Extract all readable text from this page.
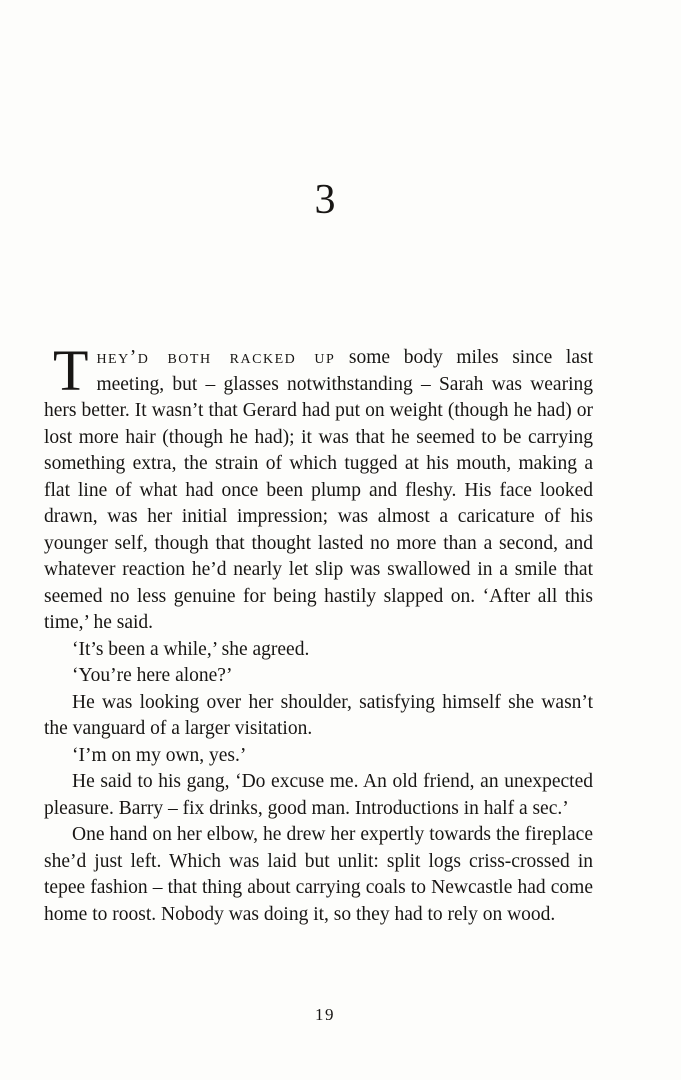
3

They’d both racked up some body miles since last meeting, but – glasses notwithstanding – Sarah was wearing hers better. It wasn’t that Gerard had put on weight (though he had) or lost more hair (though he had); it was that he seemed to be carrying something extra, the strain of which tugged at his mouth, making a flat line of what had once been plump and fleshy. His face looked drawn, was her initial impression; was almost a caricature of his younger self, though that thought lasted no more than a second, and whatever reaction he’d nearly let slip was swallowed in a smile that seemed no less genuine for being hastily slapped on. ‘After all this time,’ he said.

‘It’s been a while,’ she agreed.

‘You’re here alone?’

He was looking over her shoulder, satisfying himself she wasn’t the vanguard of a larger visitation.

‘I’m on my own, yes.’

He said to his gang, ‘Do excuse me. An old friend, an unexpected pleasure. Barry – fix drinks, good man. Introductions in half a sec.’

One hand on her elbow, he drew her expertly towards the fireplace she’d just left. Which was laid but unlit: split logs criss-crossed in tepee fashion – that thing about carrying coals to Newcastle had come home to roost. Nobody was doing it, so they had to rely on wood.

19
